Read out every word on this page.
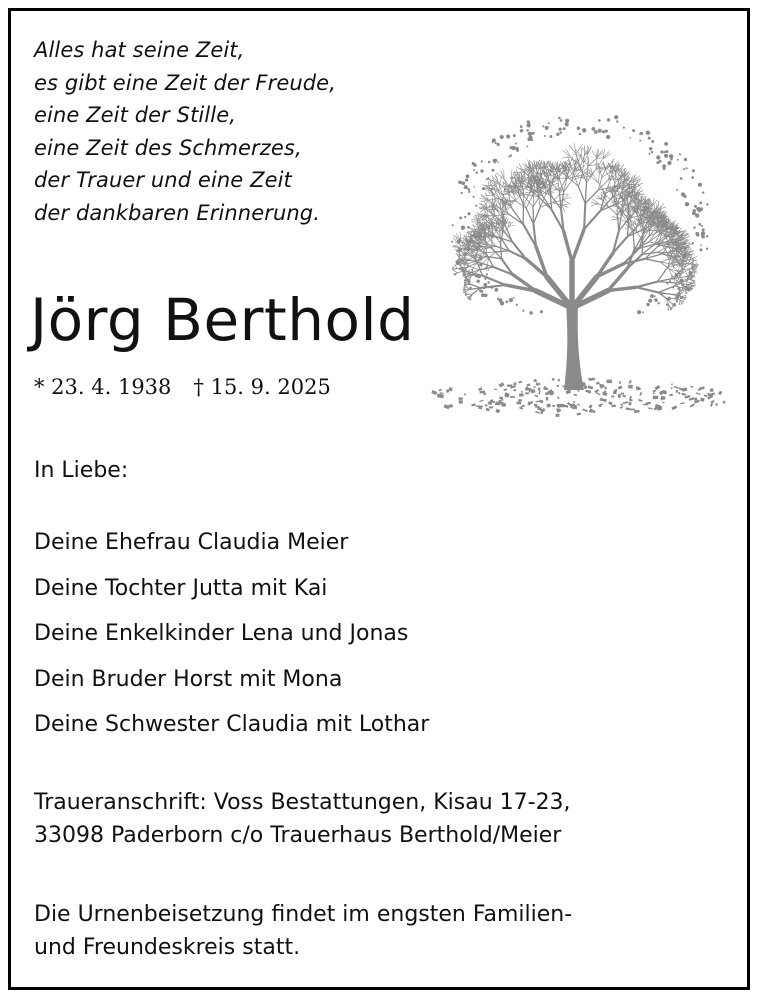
Alles hat seine Zeit,
es gibt eine Zeit der Freude,
eine Zeit der Stille,
eine Zeit des Schmerzes,
der Trauer und eine Zeit
der dankbaren Erinnerung.
Jörg Berthold
* 23. 4. 1938 † 15. 9. 2025
In Liebe:
Deine Ehefrau Claudia Meier
Deine Tochter Jutta mit Kai
Deine Enkelkinder Lena und Jonas
Dein Bruder Horst mit Mona
Deine Schwester Claudia mit Lothar
Traueranschrift: Voss Bestattungen, Kisau 17-23,
33098 Paderborn c/o Trauerhaus Berthold/Meier
Die Urnenbeisetzung findet im engsten Familien-
und Freundeskreis statt.
